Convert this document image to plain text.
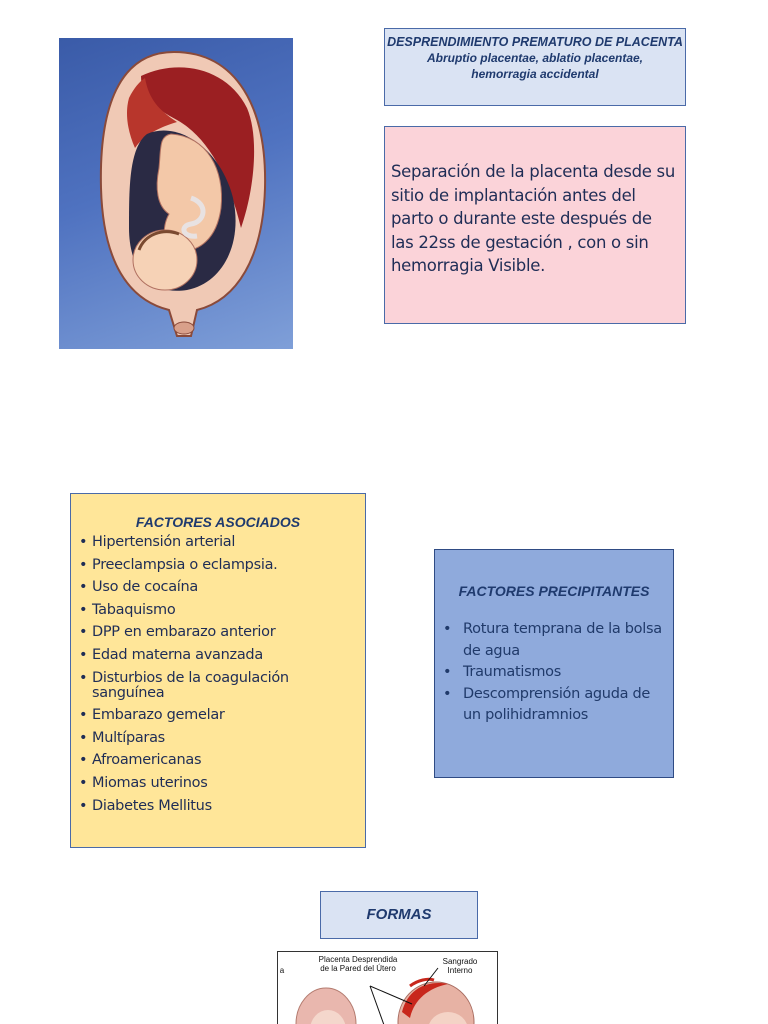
DESPRENDIMIENTO PREMATURO DE PLACENTA
Abruptio placentae, ablatio placentae,
hemorragia accidental
Separación de la placenta desde su sitio de implantación antes del parto o durante este después de las 22ss de gestación , con o sin hemorragia Visible.
FACTORES ASOCIADOS
• Hipertensión arterial
• Preeclampsia o eclampsia.
• Uso de cocaína
• Tabaquismo
• DPP en embarazo anterior
• Edad materna avanzada
• Disturbios de la coagulación sanguínea
• Embarazo gemelar
• Multíparas
• Afroamericanas
• Miomas uterinos
• Diabetes Mellitus
FACTORES PRECIPITANTES
• Rotura temprana de la bolsa de agua
• Traumatismos
• Descomprensión aguda de un polihidramnios
FORMAS
a
Placenta Desprendida de la Pared del Útero
Sangrado Interno
